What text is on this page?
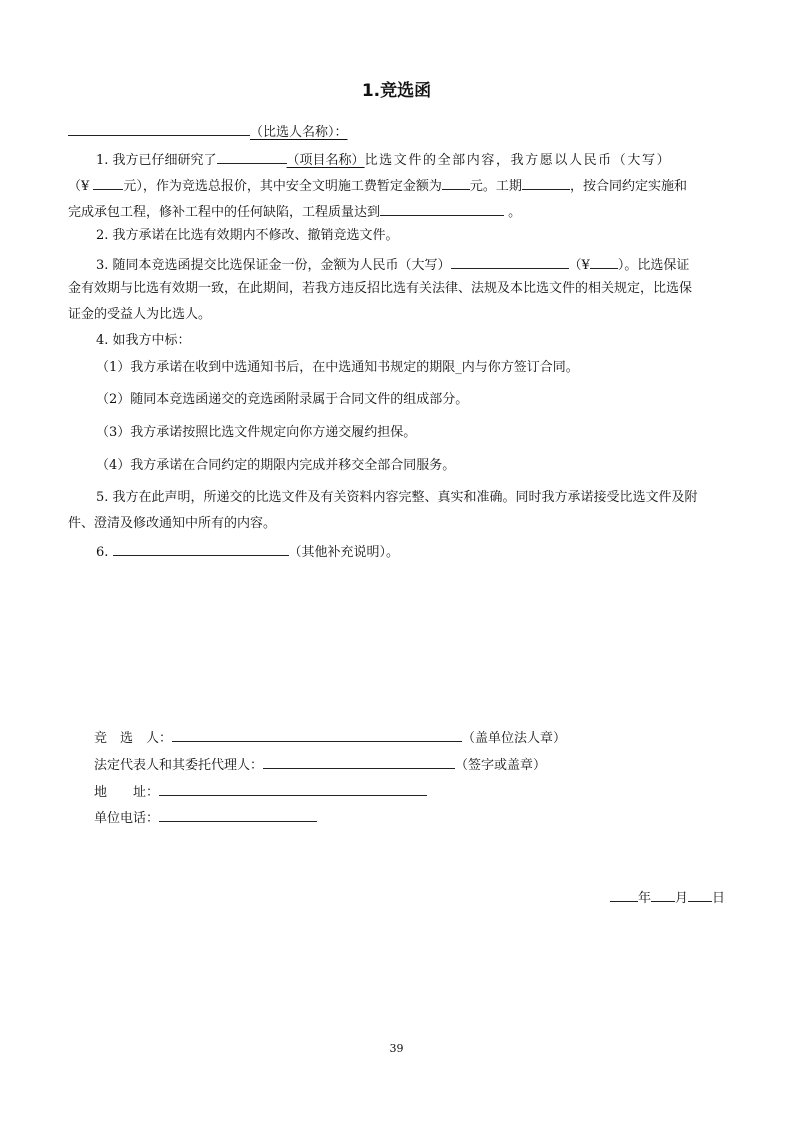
1.竞选函
（比选人名称）：
1. 我方已仔细研究了	（项目名称）比选文件的全部内容，我方愿以人民币（大写）
（¥ 元），作为竞选总报价，其中安全文明施工费暂定金额为 元。工期	，按合同约定实施和
完成承包工程，修补工程中的任何缺陷，工程质量达到	。
2. 我方承诺在比选有效期内不修改、撤销竞选文件。
3. 随同本竞选函提交比选保证金一份，金额为人民币（大写）	（¥ ）。比选保证
金有效期与比选有效期一致，在此期间，若我方违反招比选有关法律、法规及本比选文件的相关规定，比选保
证金的受益人为比选人。
4. 如我方中标：
（1）我方承诺在收到中选通知书后，在中选通知书规定的期限_内与你方签订合同。
（2）随同本竞选函递交的竞选函附录属于合同文件的组成部分。
（3）我方承诺按照比选文件规定向你方递交履约担保。
（4）我方承诺在合同约定的期限内完成并移交全部合同服务。
5. 我方在此声明，所递交的比选文件及有关资料内容完整、真实和准确。同时我方承诺接受比选文件及附
件、澄清及修改通知中所有的内容。
6.	（其他补充说明）。
竞　选　人：	（盖单位法人章）
法定代表人和其委托代理人：	（签字或盖章）
地　　址：
单位电话：
年 月 日
39
